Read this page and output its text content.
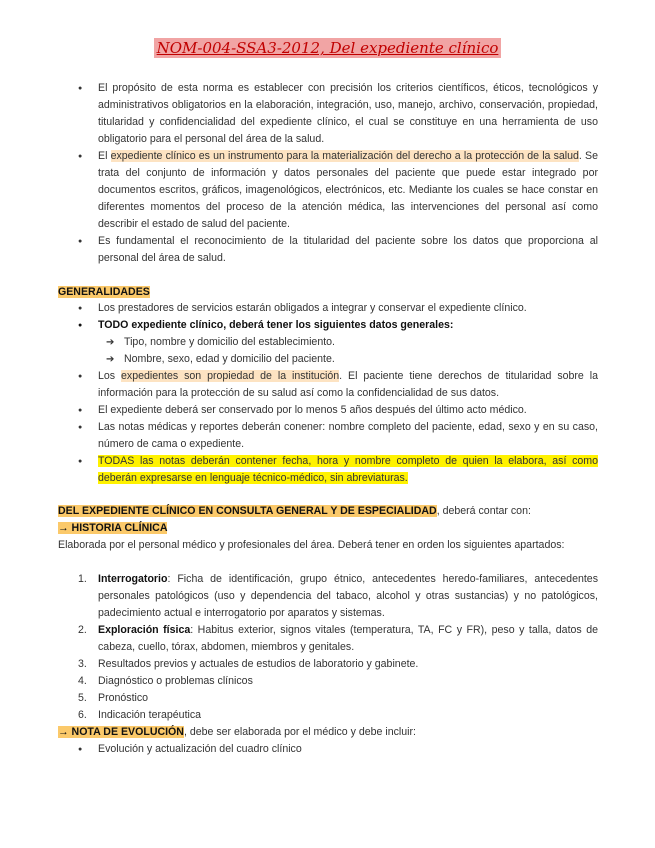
NOM-004-SSA3-2012, Del expediente clínico
● El propósito de esta norma es establecer con precisión los criterios científicos, éticos, tecnológicos y administrativos obligatorios en la elaboración, integración, uso, manejo, archivo, conservación, propiedad, titularidad y confidencialidad del expediente clínico, el cual se constituye en una herramienta de uso obligatorio para el personal del área de la salud.
● El expediente clínico es un instrumento para la materialización del derecho a la protección de la salud. Se trata del conjunto de información y datos personales del paciente que puede estar integrado por documentos escritos, gráficos, imagenológicos, electrónicos, etc. Mediante los cuales se hace constar en diferentes momentos del proceso de la atención médica, las intervenciones del personal así como describir el estado de salud del paciente.
● Es fundamental el reconocimiento de la titularidad del paciente sobre los datos que proporciona al personal del área de salud.
GENERALIDADES
● Los prestadores de servicios estarán obligados a integrar y conservar el expediente clínico.
● TODO expediente clínico, deberá tener los siguientes datos generales:
➔ Tipo, nombre y domicilio del establecimiento.
➔ Nombre, sexo, edad y domicilio del paciente.
● Los expedientes son propiedad de la institución. El paciente tiene derechos de titularidad sobre la información para la protección de su salud así como la confidencialidad de sus datos.
● El expediente deberá ser conservado por lo menos 5 años después del último acto médico.
● Las notas médicas y reportes deberán conener: nombre completo del paciente, edad, sexo y en su caso, número de cama o expediente.
● TODAS las notas deberán contener fecha, hora y nombre completo de quien la elabora, así como deberán expresarse en lenguaje técnico-médico, sin abreviaturas.
DEL EXPEDIENTE CLÍNICO EN CONSULTA GENERAL Y DE ESPECIALIDAD, deberá contar con:
→ HISTORIA CLÍNICA
Elaborada por el personal médico y profesionales del área. Deberá tener en orden los siguientes apartados:
1. Interrogatorio: Ficha de identificación, grupo étnico, antecedentes heredo-familiares, antecedentes personales patológicos (uso y dependencia del tabaco, alcohol y otras sustancias) y no patológicos, padecimiento actual e interrogatorio por aparatos y sistemas.
2. Exploración física: Habitus exterior, signos vitales (temperatura, TA, FC y FR), peso y talla, datos de cabeza, cuello, tórax, abdomen, miembros y genitales.
3. Resultados previos y actuales de estudios de laboratorio y gabinete.
4. Diagnóstico o problemas clínicos
5. Pronóstico
6. Indicación terapéutica
→ NOTA DE EVOLUCIÓN, debe ser elaborada por el médico y debe incluir:
● Evolución y actualización del cuadro clínico
